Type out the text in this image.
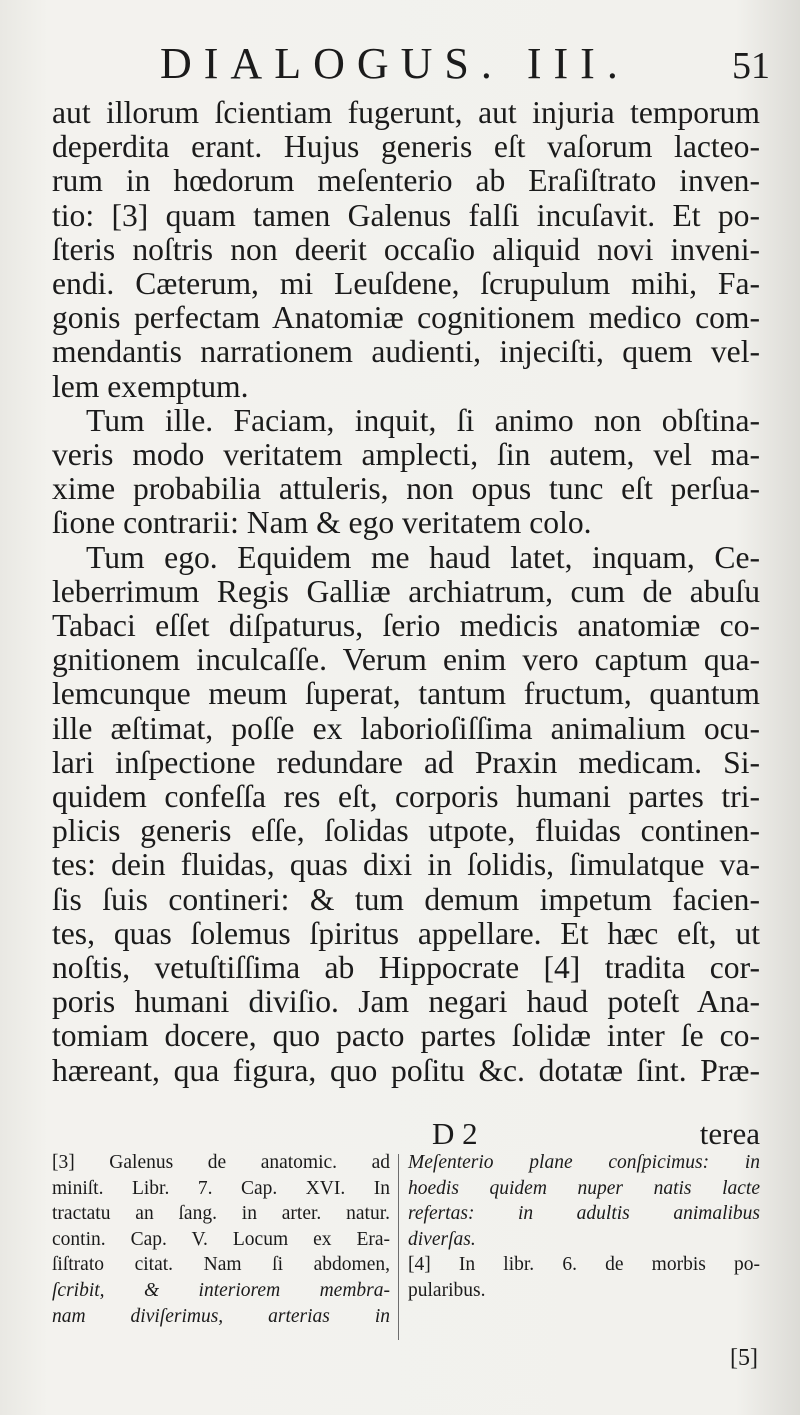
DIALOGUS. III.	51
aut illorum ſcientiam fugerunt, aut injuria temporum
deperdita erant. Hujus generis eſt vaſorum lacteo-
rum in hœdorum meſenterio ab Eraſiſtrato inven-
tio: [3] quam tamen Galenus falſi incuſavit. Et po-
ſteris noſtris non deerit occaſio aliquid novi inveni-
endi. Cæterum, mi Leuſdene, ſcrupulum mihi, Fa-
gonis perfectam Anatomiæ cognitionem medico com-
mendantis narrationem audienti, injeciſti, quem vel-
lem exemptum.
Tum ille. Faciam, inquit, ſi animo non obſtina-
veris modo veritatem amplecti, ſin autem, vel ma-
xime probabilia attuleris, non opus tunc eſt perſua-
ſione contrarii: Nam & ego veritatem colo.
Tum ego. Equidem me haud latet, inquam, Ce-
leberrimum Regis Galliæ archiatrum, cum de abuſu
Tabaci eſſet diſpaturus, ſerio medicis anatomiæ co-
gnitionem inculcaſſe. Verum enim vero captum qua-
lemcunque meum ſuperat, tantum fructum, quantum
ille æſtimat, poſſe ex laborioſiſſima animalium ocu-
lari inſpectione redundare ad Praxin medicam. Si-
quidem confeſſa res eſt, corporis humani partes tri-
plicis generis eſſe, ſolidas utpote, fluidas continen-
tes: dein fluidas, quas dixi in ſolidis, ſimulatque va-
ſis ſuis contineri: & tum demum impetum facien-
tes, quas ſolemus ſpiritus appellare. Et hæc eſt, ut
noſtis, vetuſtiſſima ab Hippocrate [4] tradita cor-
poris humani diviſio. Jam negari haud poteſt Ana-
tomiam docere, quo pacto partes ſolidæ inter ſe co-
hæreant, qua figura, quo poſitu &c. dotatæ ſint. Præ-
D 2	terea
[3] Galenus de anatomic. ad
miniſt. Libr. 7. Cap. XVI. In
tractatu an ſang. in arter. natur.
contin. Cap. V. Locum ex Era-
ſiſtrato citat. Nam ſi abdomen,
ſcribit, & interiorem membra-
nam diviſerimus, arterias in
Meſenterio plane conſpicimus: in
hoedis quidem nuper natis lacte
refertas: in adultis animalibus
diverſas.
[4] In libr. 6. de morbis po-
pularibus.
[5]
